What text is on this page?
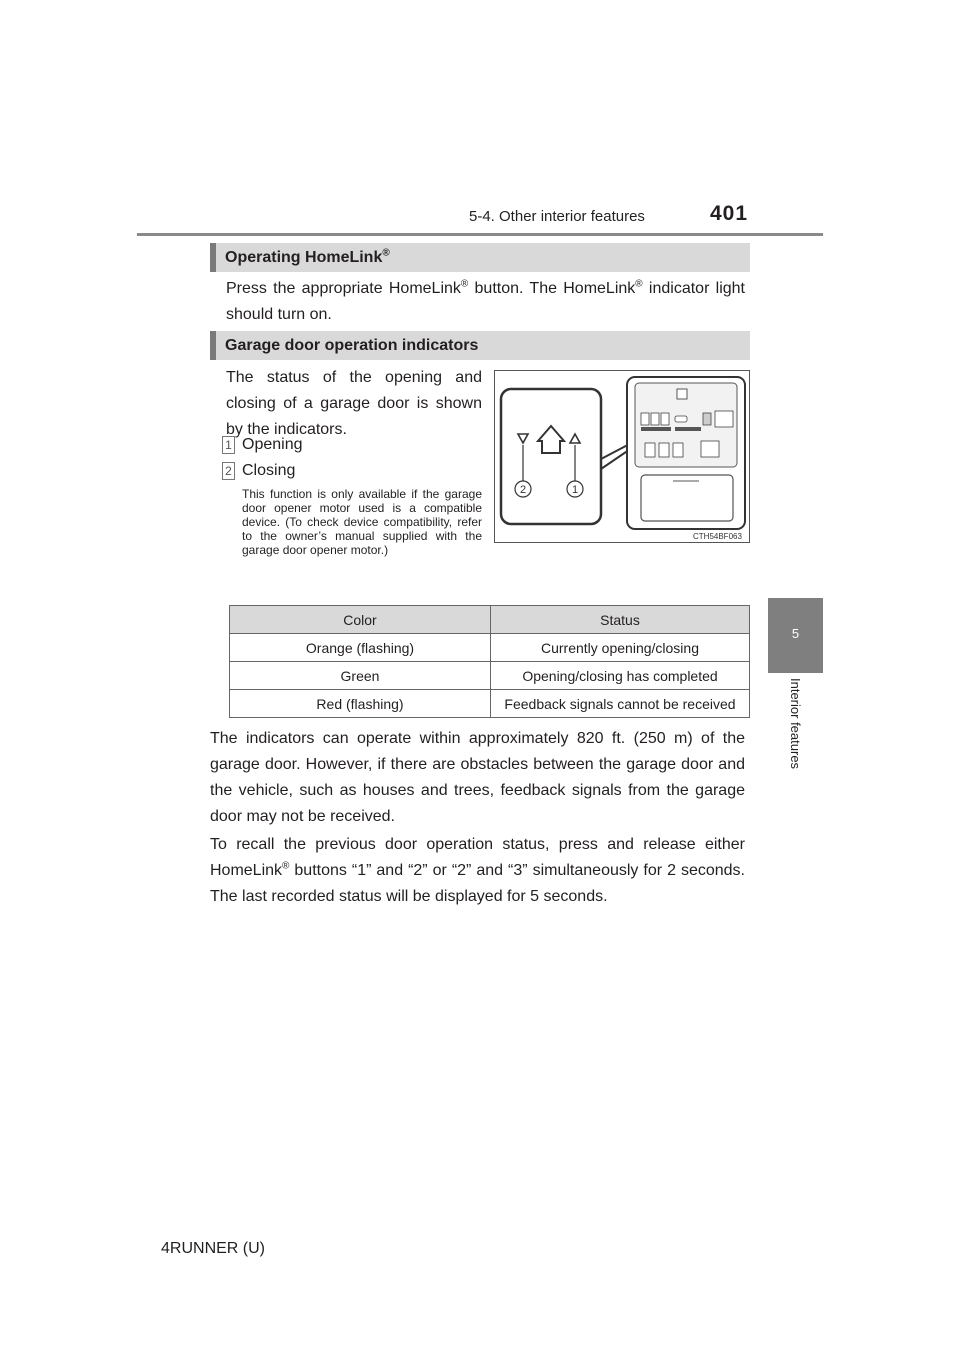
5-4. Other interior features	401
5
Interior features
Operating HomeLink®

Press the appropriate HomeLink® button. The HomeLink® indicator light should turn on.

Garage door operation indicators

The status of the opening and closing of a garage door is shown by the indicators.

1 Opening
2 Closing

This function is only available if the garage door opener motor used is a compatible device. (To check device compatibility, refer to the owner’s manual supplied with the garage door opener motor.)

2	1
CTH54BF063
Color	Status
Orange (flashing)	Currently opening/closing
Green	Opening/closing has completed
Red (flashing)	Feedback signals cannot be received

The indicators can operate within approximately 820 ft. (250 m) of the garage door. However, if there are obstacles between the garage door and the vehicle, such as houses and trees, feedback signals from the garage door may not be received.

To recall the previous door operation status, press and release either HomeLink® buttons “1” and “2” or “2” and “3” simultaneously for 2 seconds. The last recorded status will be displayed for 5 seconds.

4RUNNER (U)
